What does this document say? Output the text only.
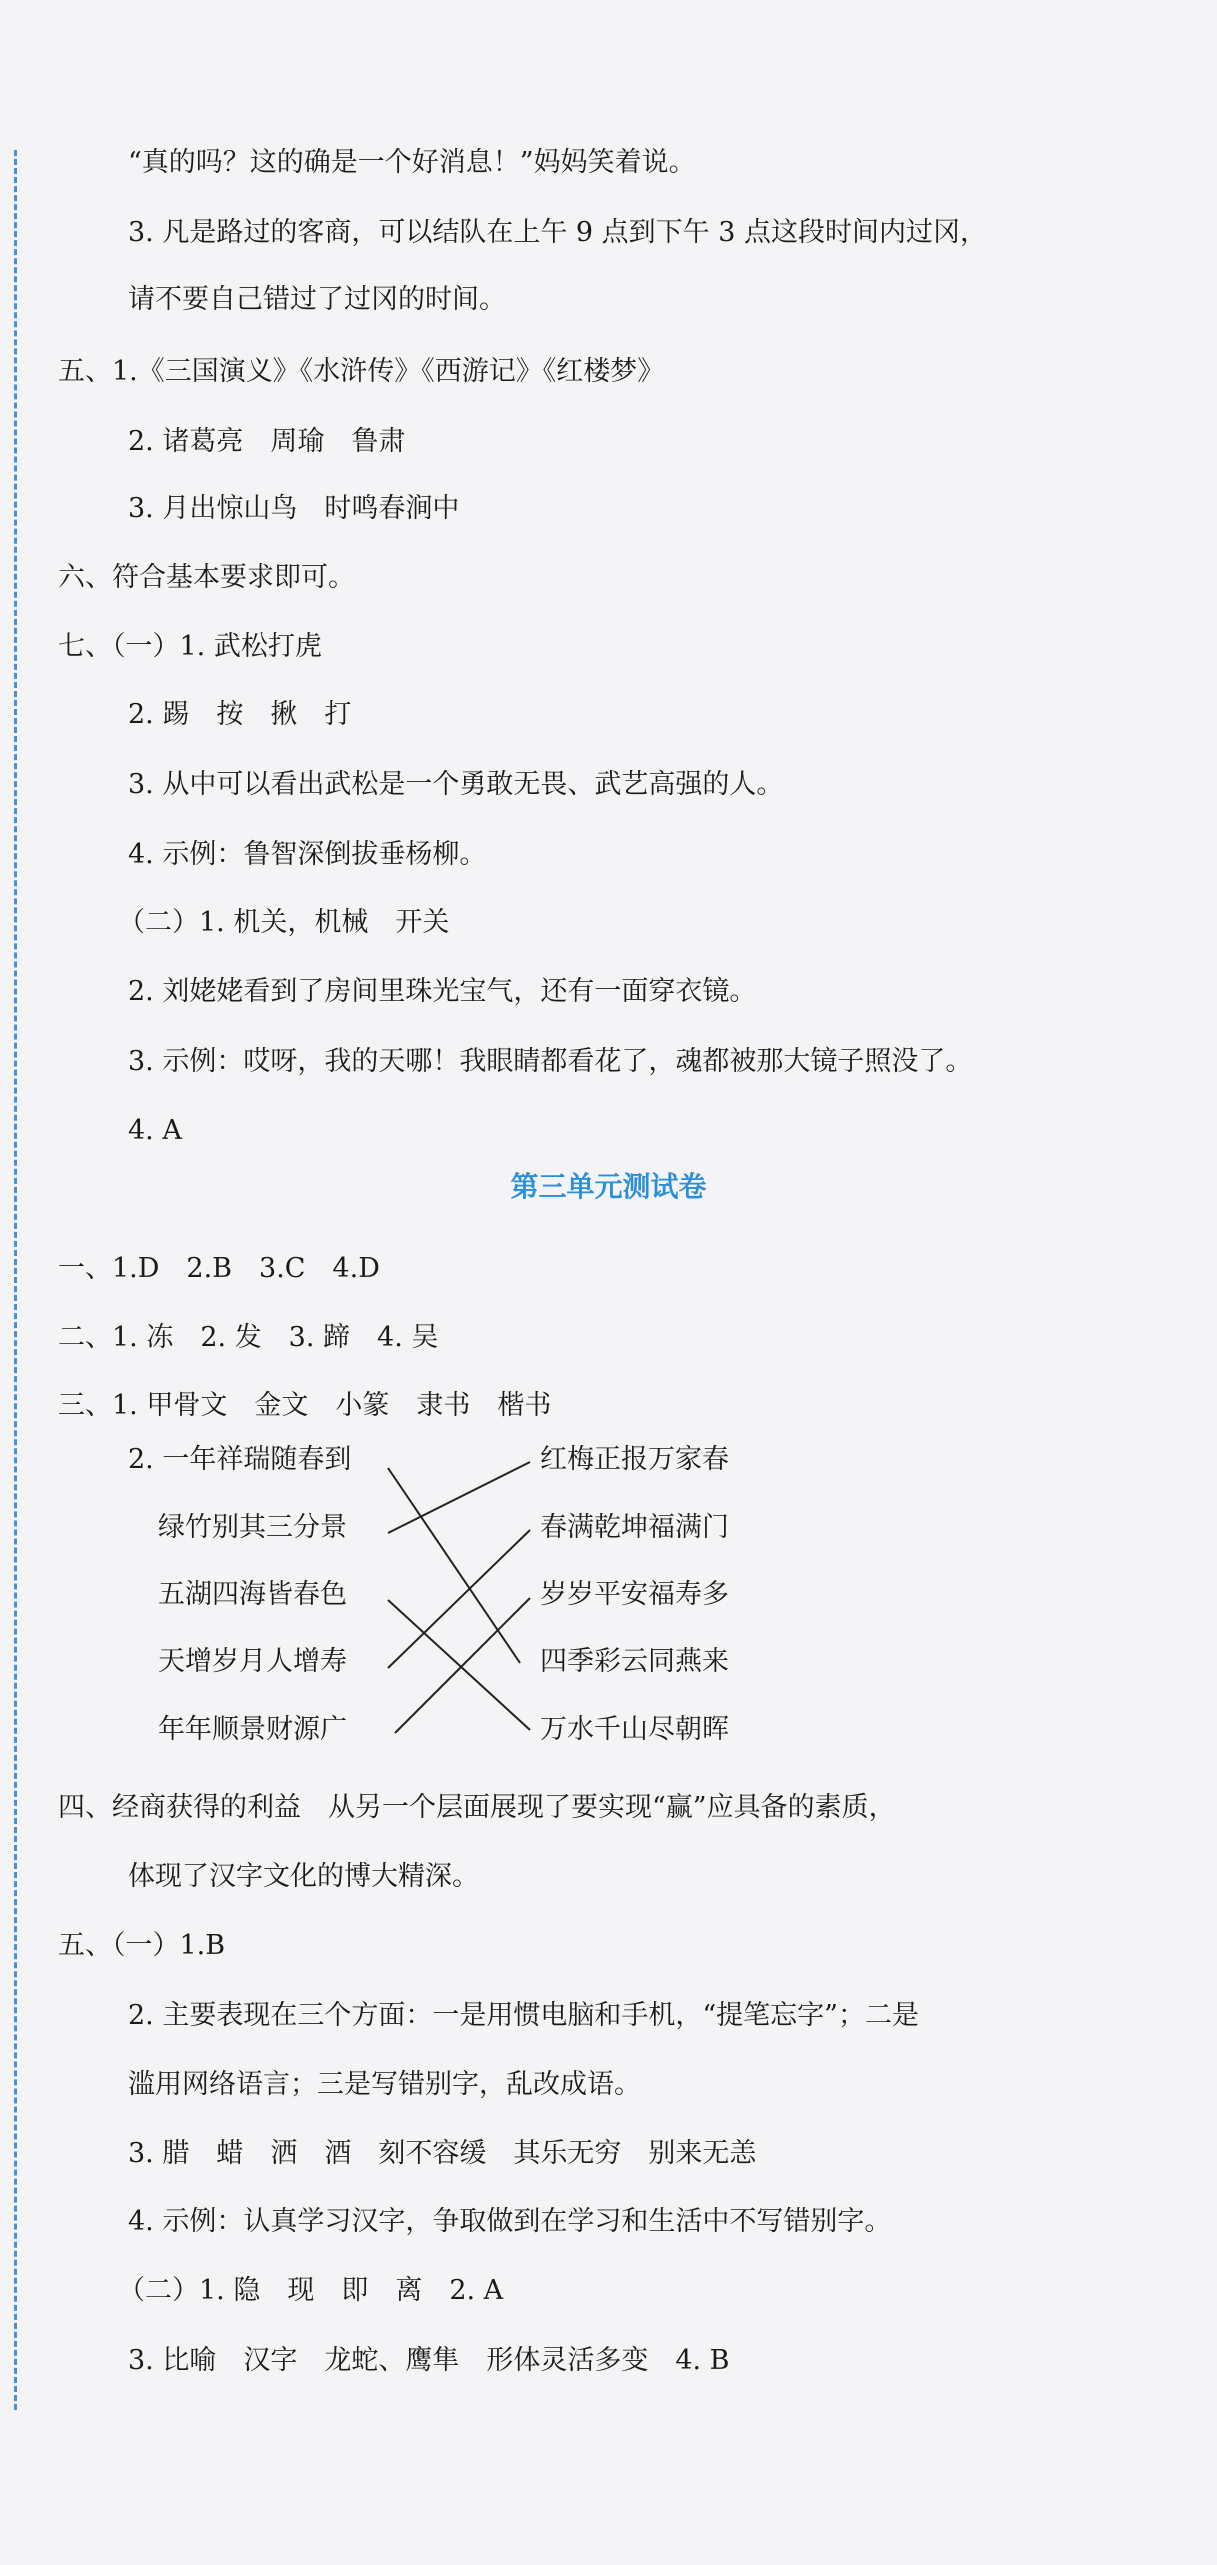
“真的吗？这的确是一个好消息！”妈妈笑着说。
3. 凡是路过的客商，可以结队在上午 9 点到下午 3 点这段时间内过冈，
请不要自己错过了过冈的时间。
五、1.《三国演义》《水浒传》《西游记》《红楼梦》
2. 诸葛亮　周瑜　鲁肃
3. 月出惊山鸟　时鸣春涧中
六、符合基本要求即可。
七、（一）1. 武松打虎
2. 踢　按　揪　打
3. 从中可以看出武松是一个勇敢无畏、武艺高强的人。
4. 示例：鲁智深倒拔垂杨柳。
（二）1. 机关，机械　开关
2. 刘姥姥看到了房间里珠光宝气，还有一面穿衣镜。
3. 示例：哎呀，我的天哪！我眼睛都看花了，魂都被那大镜子照没了。
4. A
第三单元测试卷
一、1.D　2.B　3.C　4.D
二、1. 冻　2. 发　3. 蹄　4. 吴
三、1. 甲骨文　金文　小篆　隶书　楷书
2. 一年祥瑞随春到
绿竹别其三分景
五湖四海皆春色
天增岁月人增寿
年年顺景财源广
红梅正报万家春
春满乾坤福满门
岁岁平安福寿多
四季彩云同燕来
万水千山尽朝晖
四、经商获得的利益　从另一个层面展现了要实现“赢”应具备的素质，
体现了汉字文化的博大精深。
五、（一）1.B
2. 主要表现在三个方面：一是用惯电脑和手机，“提笔忘字”；二是
滥用网络语言；三是写错别字，乱改成语。
3. 腊　蜡　洒　酒　刻不容缓　其乐无穷　别来无恙
4. 示例：认真学习汉字，争取做到在学习和生活中不写错别字。
（二）1. 隐　现　即　离　2. A
3. 比喻　汉字　龙蛇、鹰隼　形体灵活多变　4. B
